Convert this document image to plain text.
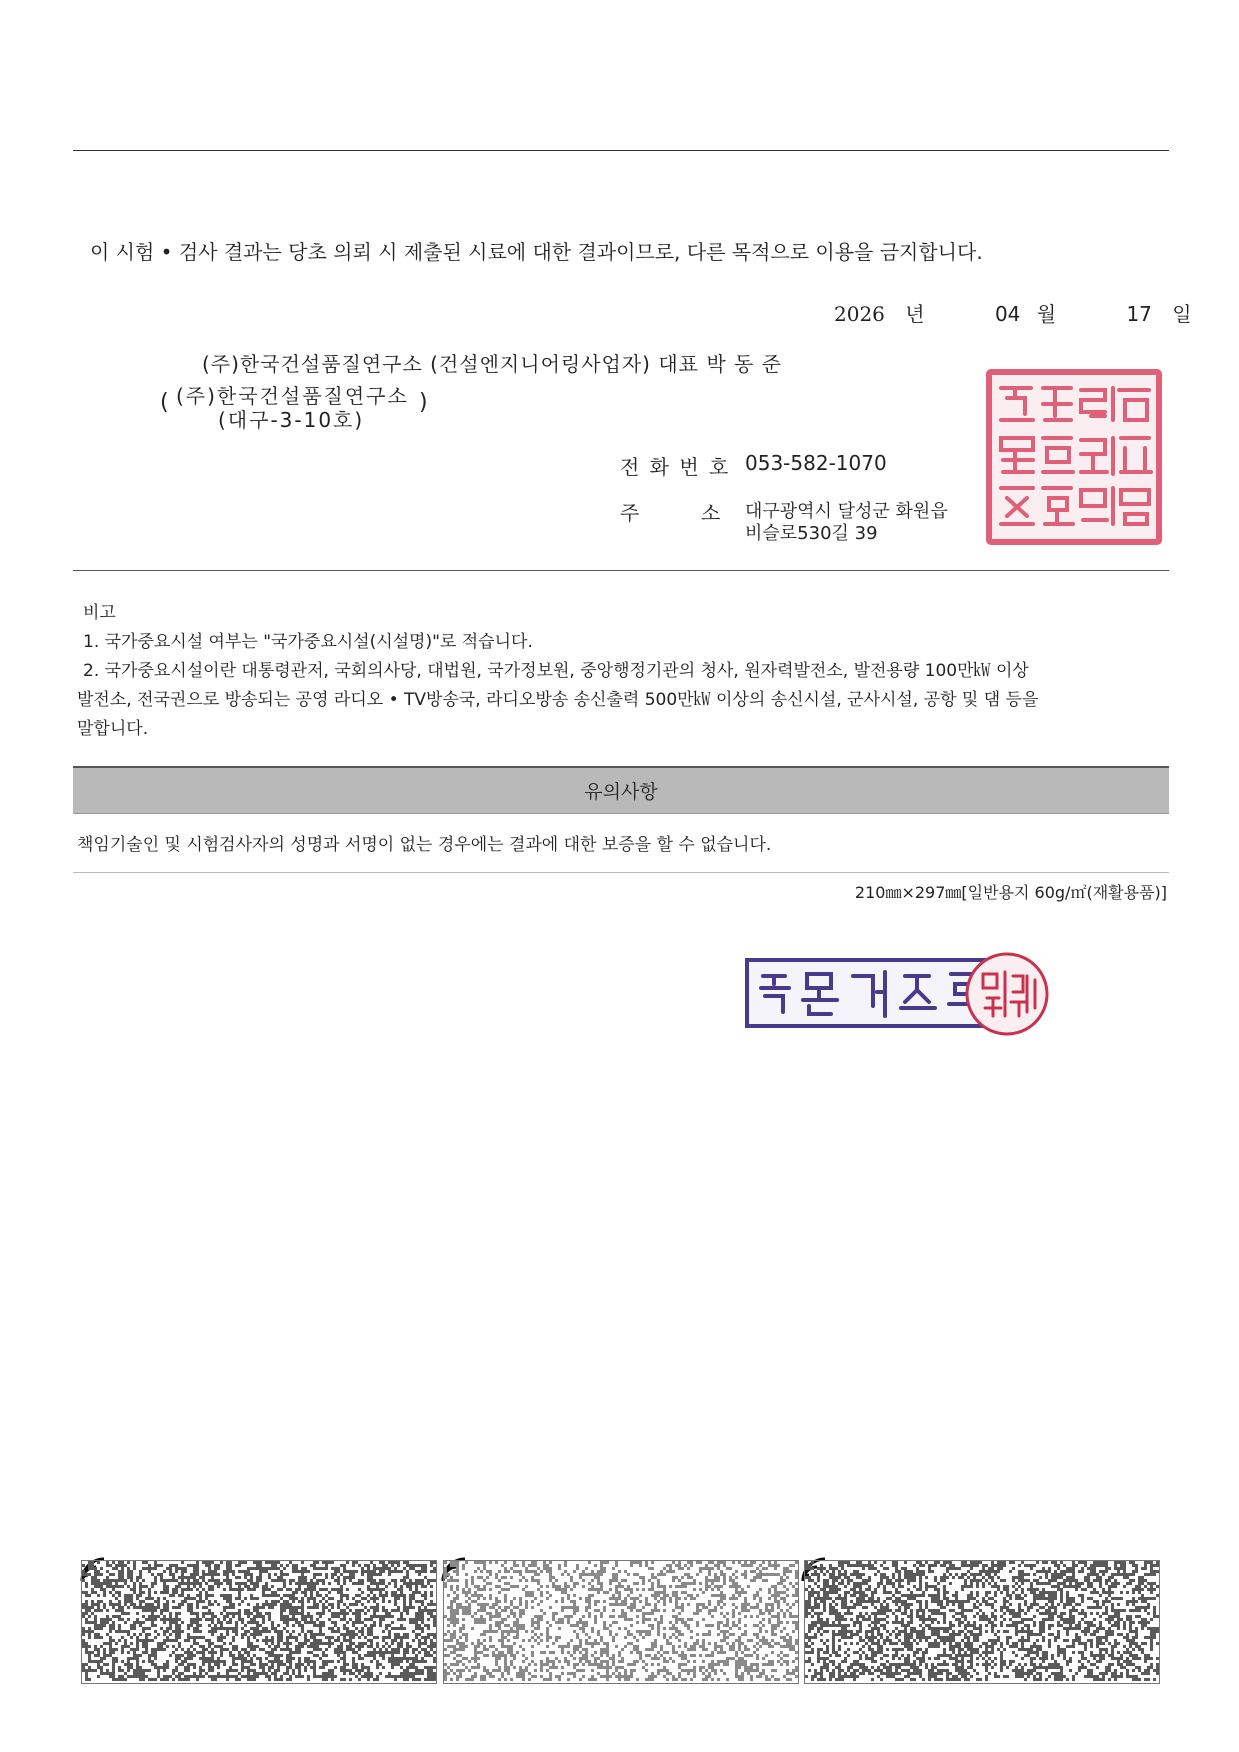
이 시험 • 검사 결과는 당초 의뢰 시 제출된 시료에 대한 결과이므로, 다른 목적으로 이용을 금지합니다.
2026 년	04 월	17 일
(주)한국건설품질연구소 (건설엔지니어링사업자) 대표 박 동 준
( (주)한국건설품질연구소
(대구-3-10호)
)
전 화 번 호 053-582-1070
주	소 대구광역시 달성군 화원읍
비슬로530길 39
비고
1. 국가중요시설 여부는 "국가중요시설(시설명)"로 적습니다.
2. 국가중요시설이란 대통령관저, 국회의사당, 대법원, 국가정보원, 중앙행정기관의 청사, 원자력발전소, 발전용량 100만㎾ 이상
발전소, 전국권으로 방송되는 공영 라디오 • TV방송국, 라디오방송 송신출력 500만㎾ 이상의 송신시설, 군사시설, 공항 및 댐 등을
말합니다.
유의사항
책임기술인 및 시험검사자의 성명과 서명이 없는 경우에는 결과에 대한 보증을 할 수 없습니다.
210㎜×297㎜[일반용지 60g/㎡(재활용품)]
